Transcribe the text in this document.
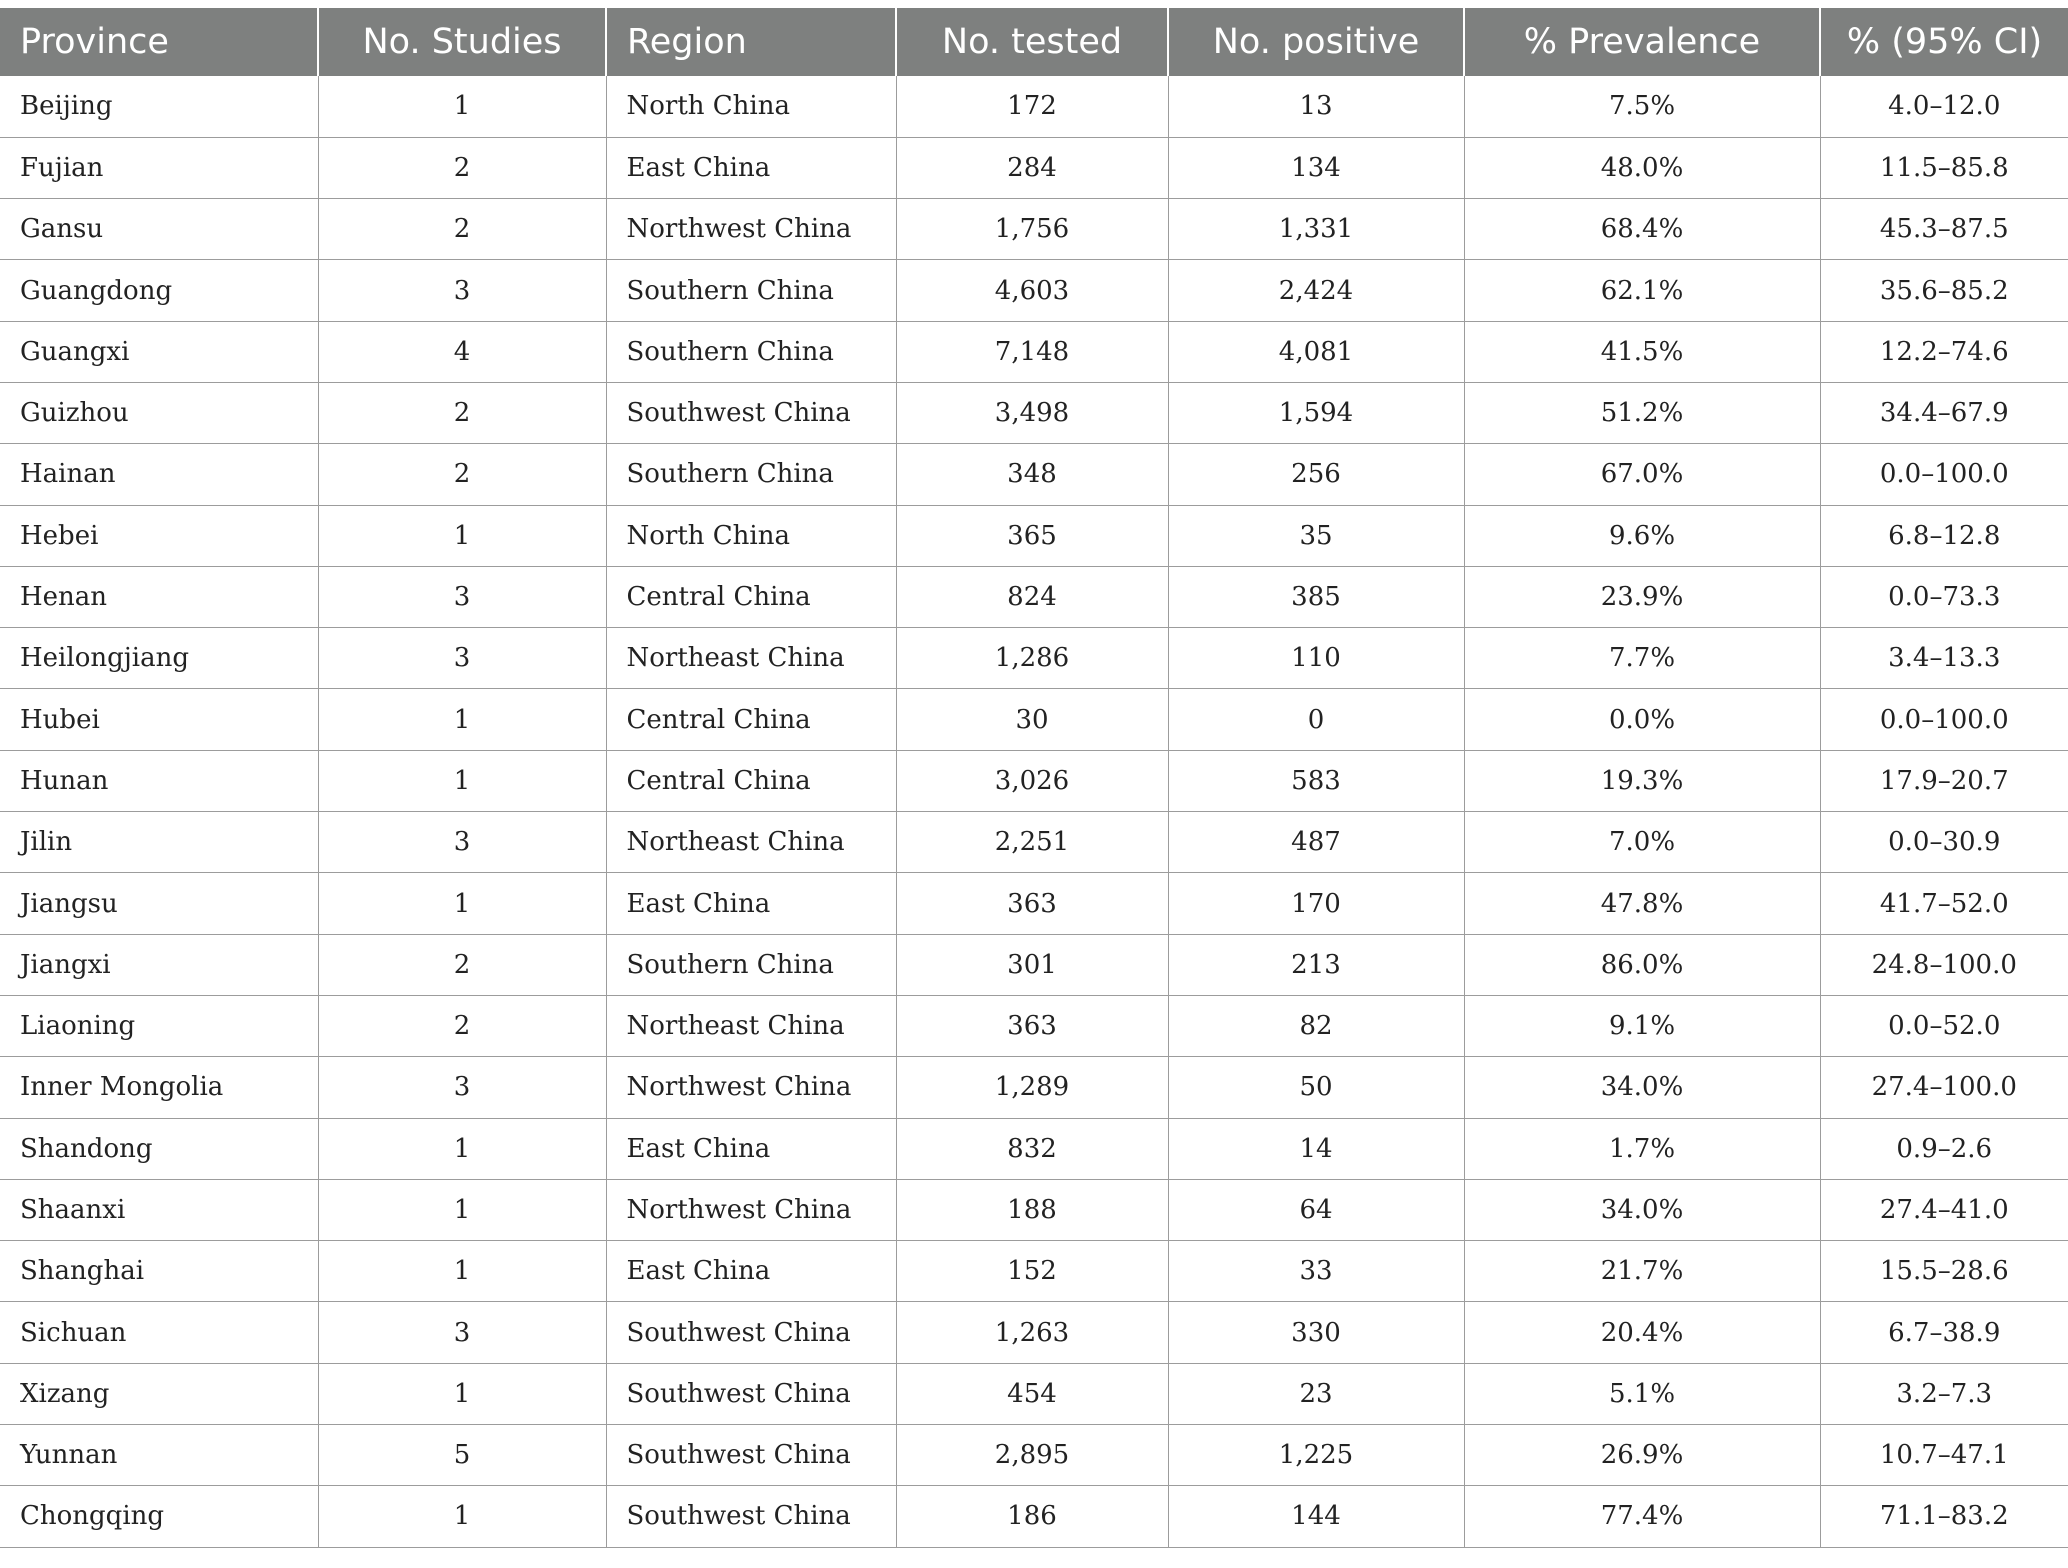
Province	No. Studies	Region	No. tested	No. positive	% Prevalence	% (95% CI)
Beijing	1	North China	172	13	7.5%	4.0–12.0
Fujian	2	East China	284	134	48.0%	11.5–85.8
Gansu	2	Northwest China	1,756	1,331	68.4%	45.3–87.5
Guangdong	3	Southern China	4,603	2,424	62.1%	35.6–85.2
Guangxi	4	Southern China	7,148	4,081	41.5%	12.2–74.6
Guizhou	2	Southwest China	3,498	1,594	51.2%	34.4–67.9
Hainan	2	Southern China	348	256	67.0%	0.0–100.0
Hebei	1	North China	365	35	9.6%	6.8–12.8
Henan	3	Central China	824	385	23.9%	0.0–73.3
Heilongjiang	3	Northeast China	1,286	110	7.7%	3.4–13.3
Hubei	1	Central China	30	0	0.0%	0.0–100.0
Hunan	1	Central China	3,026	583	19.3%	17.9–20.7
Jilin	3	Northeast China	2,251	487	7.0%	0.0–30.9
Jiangsu	1	East China	363	170	47.8%	41.7–52.0
Jiangxi	2	Southern China	301	213	86.0%	24.8–100.0
Liaoning	2	Northeast China	363	82	9.1%	0.0–52.0
Inner Mongolia	3	Northwest China	1,289	50	34.0%	27.4–100.0
Shandong	1	East China	832	14	1.7%	0.9–2.6
Shaanxi	1	Northwest China	188	64	34.0%	27.4–41.0
Shanghai	1	East China	152	33	21.7%	15.5–28.6
Sichuan	3	Southwest China	1,263	330	20.4%	6.7–38.9
Xizang	1	Southwest China	454	23	5.1%	3.2–7.3
Yunnan	5	Southwest China	2,895	1,225	26.9%	10.7–47.1
Chongqing	1	Southwest China	186	144	77.4%	71.1–83.2
